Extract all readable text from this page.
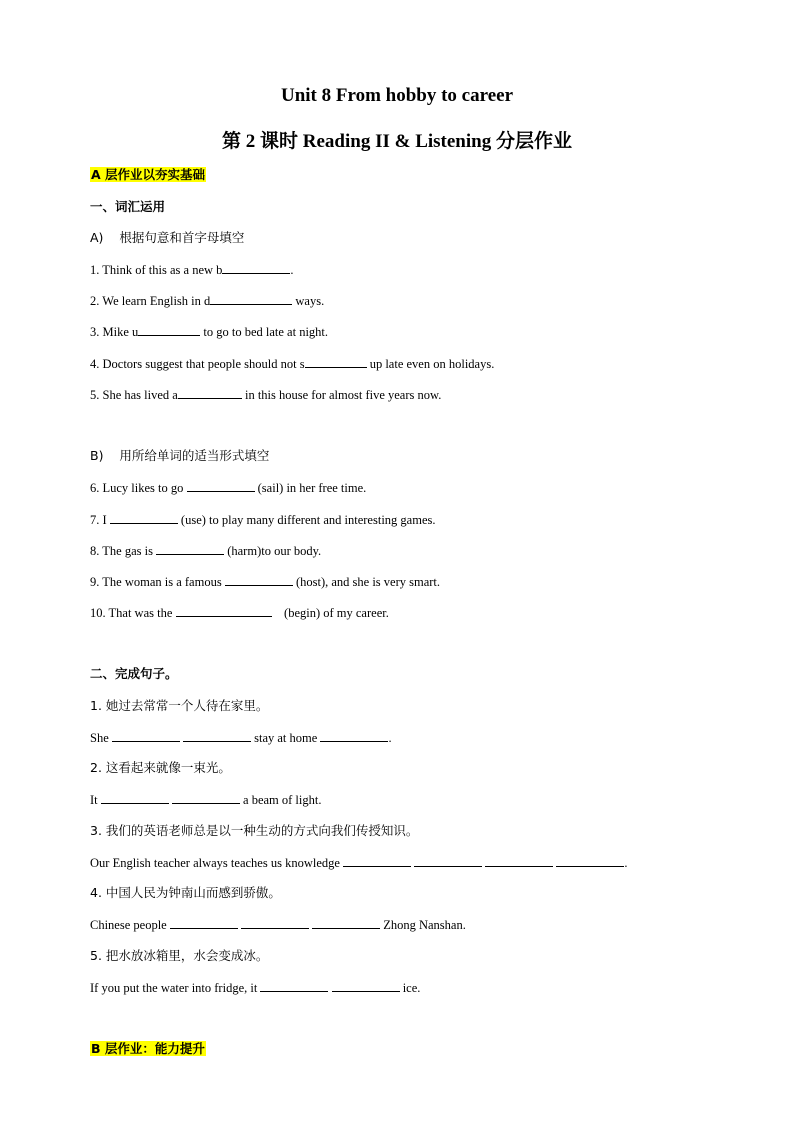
Unit 8 From hobby to career
第 2 课时 Reading II & Listening 分层作业
A 层作业以夯实基础
一、词汇运用
A)    根据句意和首字母填空
1. Think of this as a new b	.
2. We learn English in d	ways.
3. Mike u	to go to bed late at night.
4. Doctors suggest that people should not s	up late even on holidays.
5. She has lived a	in this house for almost five years now.
B)    用所给单词的适当形式填空
6. Lucy likes to go	(sail) in her free time.
7. I	(use) to play many different and interesting games.
8. The gas is	(harm)to our body.
9. The woman is a famous	(host), and she is very smart.
10. That was the	(begin) of my career.
二、完成句子。
1. 她过去常常一个人待在家里。
She	stay at home	.
2. 这看起来就像一束光。
It	a beam of light.
3. 我们的英语老师总是以一种生动的方式向我们传授知识。
Our English teacher always teaches us knowledge	.
4. 中国人民为钟南山而感到骄傲。
Chinese people	Zhong Nanshan.
5. 把水放冰箱里，水会变成冰。
If you put the water into fridge, it	ice.
B 层作业：能力提升
